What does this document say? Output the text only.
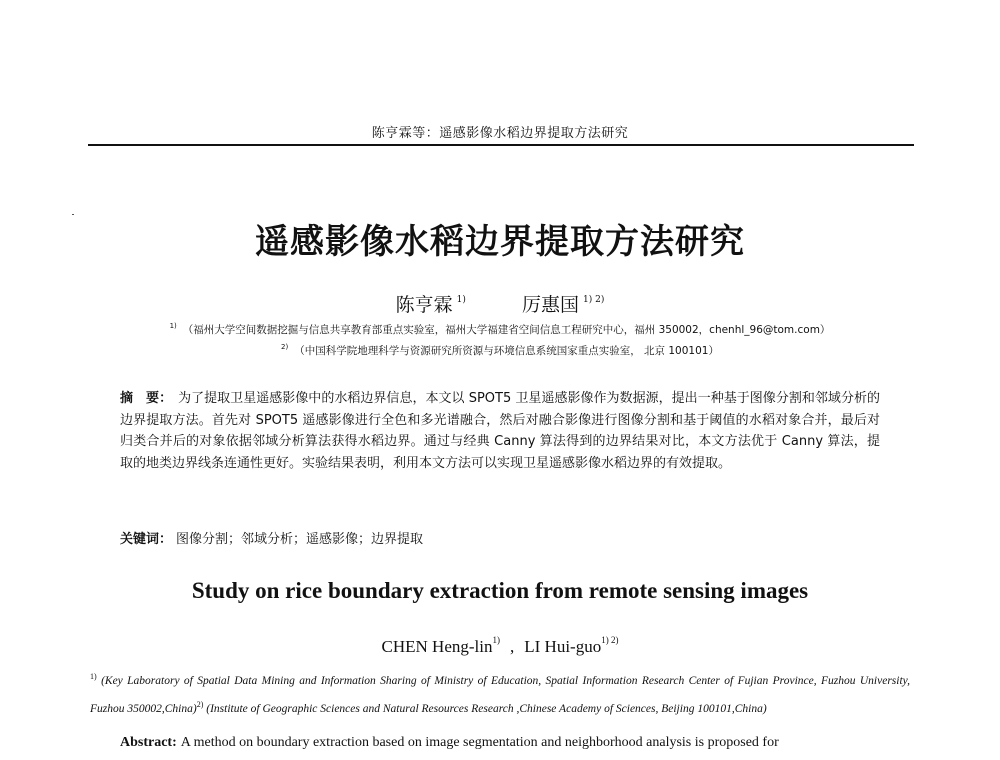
陈亨霖等：遥感影像水稻边界提取方法研究
遥感影像水稻边界提取方法研究
陈亨霖 $^{1)}$	厉惠国 $^{1) 2)}$
$^{1)}$ （福州大学空间数据挖掘与信息共享教育部重点实验室，福州大学福建省空间信息工程研究中心，福州 350002，chenhl_96@tom.com）
$^{2)}$ （中国科学院地理科学与资源研究所资源与环境信息系统国家重点实验室， 北京 100101）
摘　要： 为了提取卫星遥感影像中的水稻边界信息，本文以 SPOT5 卫星遥感影像作为数据源，提出一种基于图像分割和邻域分析的边界提取方法。首先对 SPOT5 遥感影像进行全色和多光谱融合，然后对融合影像进行图像分割和基于阈值的水稻对象合并，最后对归类合并后的对象依据邻域分析算法获得水稻边界。通过与经典 Canny 算法得到的边界结果对比，本文方法优于 Canny 算法，提取的地类边界线条连通性更好。实验结果表明，利用本文方法可以实现卫星遥感影像水稻边界的有效提取。
关键词： 图像分割；邻域分析；遥感影像；边界提取
Study on rice boundary extraction from remote sensing images
CHEN Heng-lin$^{1)}$ , LI Hui-guo$^{1) 2)}$
$^{1)}$ (Key Laboratory of Spatial Data Mining and Information Sharing of Ministry of Education, Spatial Information Research Center of Fujian Province, Fuzhou University, Fuzhou 350002,China)$^{2)}$ (Institute of Geographic Sciences and Natural Resources Research ,Chinese Academy of Sciences, Beijing 100101,China)
Abstract: A method on boundary extraction based on image segmentation and neighborhood analysis is proposed for
